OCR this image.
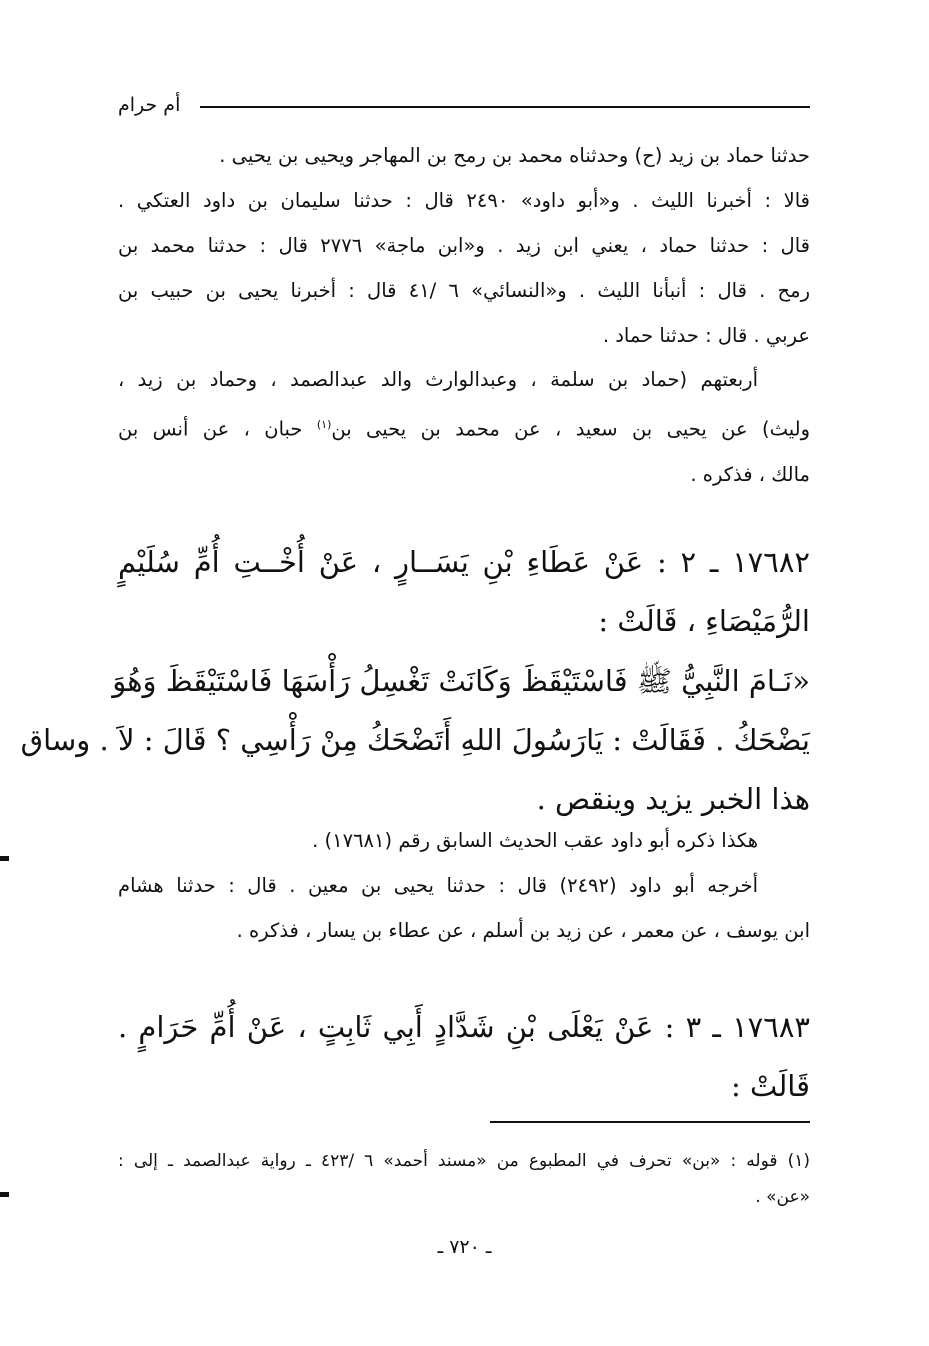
أم حرام
حدثنا حماد بن زيد (ح) وحدثناه محمد بن رمح بن المهاجر ويحيى بن يحيى .
قالا : أخبرنا الليث . و«أبو داود» ٢٤٩٠ قال : حدثنا سليمان بن داود العتكي .
قال : حدثنا حماد ، يعني ابن زيد . و«ابن ماجة» ٢٧٧٦ قال : حدثنا محمد بن
رمح . قال : أنبأنا الليث . و«النسائي» ٦ /٤١ قال : أخبرنا يحيى بن حبيب بن
عربي . قال : حدثنا حماد .
أربعتهم (حماد بن سلمة ، وعبدالوارث والد عبدالصمد ، وحماد بن زيد ،
وليث) عن يحيى بن سعيد ، عن محمد بن يحيى بن$^{(١)}$ حبان ، عن أنس بن
مالك ، فذكره .
١٧٦٨٢ ـ ٢ : عَنْ عَطَاءِ بْنِ يَسَــارٍ ، عَنْ أُخْــتِ أُمِّ سُلَيْمٍ
الرُّمَيْصَاءِ ، قَالَتْ :
«نَـامَ النَّبِيُّ ﷺ فَاسْتَيْقَظَ وَكَانَتْ تَغْسِلُ رَأْسَهَا فَاسْتَيْقَظَ وَهُوَ
يَضْحَكُ . فَقَالَتْ : يَارَسُولَ اللهِ أَتَضْحَكُ مِنْ رَأْسِي ؟ قَالَ : لاَ . وساق
هذا الخبر يزيد وينقص .
هكذا ذكره أبو داود عقب الحديث السابق رقم (١٧٦٨١) .
أخرجه أبو داود (٢٤٩٢) قال : حدثنا يحيى بن معين . قال : حدثنا هشام
ابن يوسف ، عن معمر ، عن زيد بن أسلم ، عن عطاء بن يسار ، فذكره .
١٧٦٨٣ ـ ٣ : عَنْ يَعْلَى بْنِ شَدَّادٍ أَبِي ثَابِتٍ ، عَنْ أُمِّ حَرَامٍ .
قَالَتْ :
(١) قوله : «بن» تحرف في المطبوع من «مسند أحمد» ٦ /٤٢٣ ـ رواية عبدالصمد ـ إلى :
«عن» .
ـ ٧٢٠ ـ
